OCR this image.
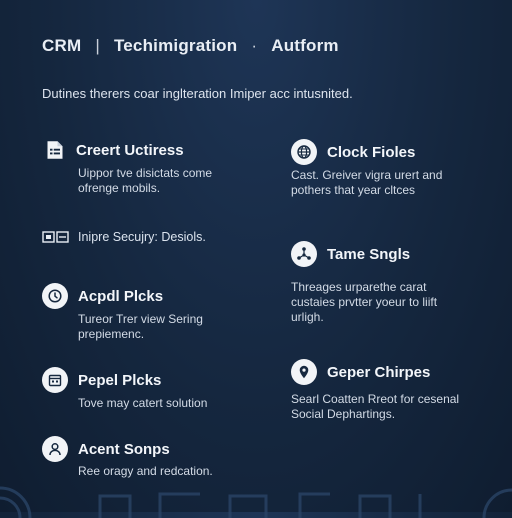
CRM | Techimigration · Autform
Dutines therers coar inglteration Imiper acc intusnited.
Creert Uctiress
Uippor tve disictats come
ofrenge mobils.
Clock Fioles
Cast. Greiver vigra urert and
pothers that year cltces
Inipre Secujry: Desiols.
Tame Sngls
Threages urparethe carat
custaies prvtter yoeur to liift
urligh.
Acpdl Plcks
Tureor Trer view Sering
prepiemenc.
Geper Chirpes
Searl Coatten Rreot for cesenal
Social Dephartings.
Pepel Plcks
Tove may catert solution
Acent Sonps
Ree oragy and redcation.
